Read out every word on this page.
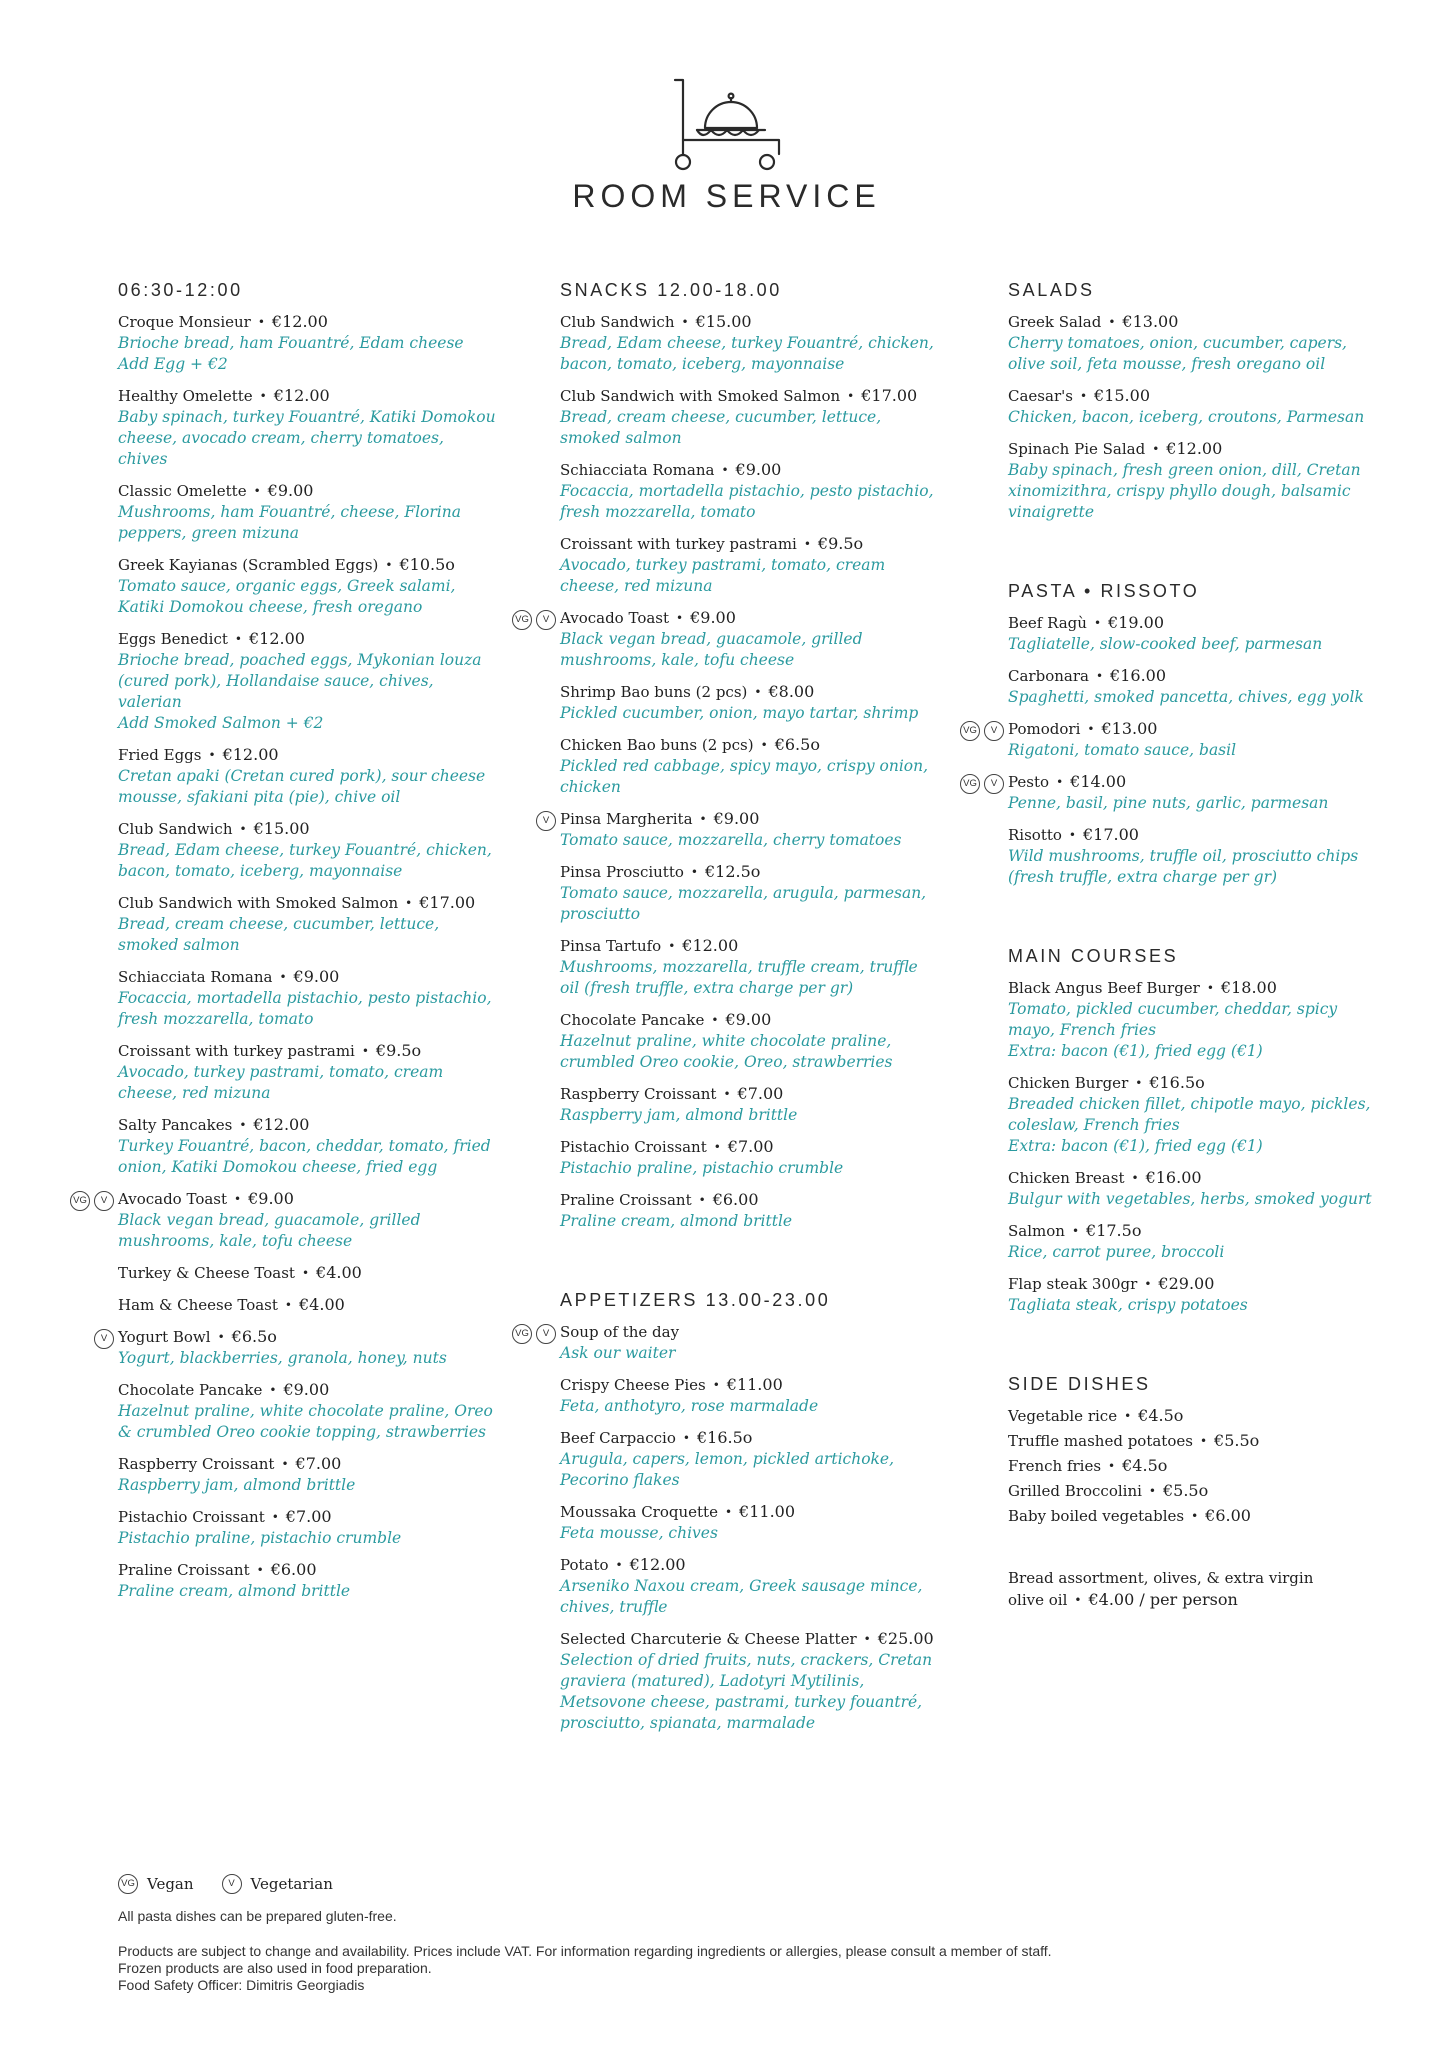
ROOM SERVICE
06:30-12:00
Croque Monsieur • €12.00
Brioche bread, ham Fouantré, Edam cheese
Add Egg + €2
Healthy Omelette • €12.00
Baby spinach, turkey Fouantré, Katiki Domokou cheese, avocado cream, cherry tomatoes, chives
Classic Omelette • €9.00
Mushrooms, ham Fouantré, cheese, Florina peppers, green mizuna
Greek Kayianas (Scrambled Eggs) • €10.5o
Tomato sauce, organic eggs, Greek salami, Katiki Domokou cheese, fresh oregano
Eggs Benedict • €12.00
Brioche bread, poached eggs, Mykonian louza (cured pork), Hollandaise sauce, chives, valerian
Add Smoked Salmon + €2
Fried Eggs • €12.00
Cretan apaki (Cretan cured pork), sour cheese mousse, sfakiani pita (pie), chive oil
Club Sandwich • €15.00
Bread, Edam cheese, turkey Fouantré, chicken, bacon, tomato, iceberg, mayonnaise
Club Sandwich with Smoked Salmon • €17.00
Bread, cream cheese, cucumber, lettuce, smoked salmon
Schiacciata Romana • €9.00
Focaccia, mortadella pistachio, pesto pistachio, fresh mozzarella, tomato
Croissant with turkey pastrami • €9.5o
Avocado, turkey pastrami, tomato, cream cheese, red mizuna
Salty Pancakes • €12.00
Turkey Fouantré, bacon, cheddar, tomato, fried onion, Katiki Domokou cheese, fried egg
VG V Avocado Toast • €9.00
Black vegan bread, guacamole, grilled mushrooms, kale, tofu cheese
Turkey & Cheese Toast • €4.00
Ham & Cheese Toast • €4.00
V Yogurt Bowl • €6.5o
Yogurt, blackberries, granola, honey, nuts
Chocolate Pancake • €9.00
Hazelnut praline, white chocolate praline, Oreo & crumbled Oreo cookie topping, strawberries
Raspberry Croissant • €7.00
Raspberry jam, almond brittle
Pistachio Croissant • €7.00
Pistachio praline, pistachio crumble
Praline Croissant • €6.00
Praline cream, almond brittle
SNACKS 12.00-18.00
Club Sandwich • €15.00
Bread, Edam cheese, turkey Fouantré, chicken, bacon, tomato, iceberg, mayonnaise
Club Sandwich with Smoked Salmon • €17.00
Bread, cream cheese, cucumber, lettuce, smoked salmon
Schiacciata Romana • €9.00
Focaccia, mortadella pistachio, pesto pistachio, fresh mozzarella, tomato
Croissant with turkey pastrami • €9.5o
Avocado, turkey pastrami, tomato, cream cheese, red mizuna
VG V Avocado Toast • €9.00
Black vegan bread, guacamole, grilled mushrooms, kale, tofu cheese
Shrimp Bao buns (2 pcs) • €8.00
Pickled cucumber, onion, mayo tartar, shrimp
Chicken Bao buns (2 pcs) • €6.5o
Pickled red cabbage, spicy mayo, crispy onion, chicken
V Pinsa Margherita • €9.00
Tomato sauce, mozzarella, cherry tomatoes
Pinsa Prosciutto • €12.5o
Tomato sauce, mozzarella, arugula, parmesan, prosciutto
Pinsa Tartufo • €12.00
Mushrooms, mozzarella, truffle cream, truffle oil (fresh truffle, extra charge per gr)
Chocolate Pancake • €9.00
Hazelnut praline, white chocolate praline, crumbled Oreo cookie, Oreo, strawberries
Raspberry Croissant • €7.00
Raspberry jam, almond brittle
Pistachio Croissant • €7.00
Pistachio praline, pistachio crumble
Praline Croissant • €6.00
Praline cream, almond brittle
APPETIZERS 13.00-23.00
VG V Soup of the day
Ask our waiter
Crispy Cheese Pies • €11.00
Feta, anthotyro, rose marmalade
Beef Carpaccio • €16.5o
Arugula, capers, lemon, pickled artichoke, Pecorino flakes
Moussaka Croquette • €11.00
Feta mousse, chives
Potato • €12.00
Arseniko Naxou cream, Greek sausage mince, chives, truffle
Selected Charcuterie & Cheese Platter • €25.00
Selection of dried fruits, nuts, crackers, Cretan graviera (matured), Ladotyri Mytilinis, Metsovone cheese, pastrami, turkey fouantré, prosciutto, spianata, marmalade
SALADS
Greek Salad • €13.00
Cherry tomatoes, onion, cucumber, capers, olive soil, feta mousse, fresh oregano oil
Caesar's • €15.00
Chicken, bacon, iceberg, croutons, Parmesan
Spinach Pie Salad • €12.00
Baby spinach, fresh green onion, dill, Cretan xinomizithra, crispy phyllo dough, balsamic vinaigrette
PASTA • RISSOTO
Beef Ragù • €19.00
Tagliatelle, slow-cooked beef, parmesan
Carbonara • €16.00
Spaghetti, smoked pancetta, chives, egg yolk
VG V Pomodori • €13.00
Rigatoni, tomato sauce, basil
VG V Pesto • €14.00
Penne, basil, pine nuts, garlic, parmesan
Risotto • €17.00
Wild mushrooms, truffle oil, prosciutto chips (fresh truffle, extra charge per gr)
MAIN COURSES
Black Angus Beef Burger • €18.00
Tomato, pickled cucumber, cheddar, spicy mayo, French fries
Extra: bacon (€1), fried egg (€1)
Chicken Burger • €16.5o
Breaded chicken fillet, chipotle mayo, pickles, coleslaw, French fries
Extra: bacon (€1), fried egg (€1)
Chicken Breast • €16.00
Bulgur with vegetables, herbs, smoked yogurt
Salmon • €17.5o
Rice, carrot puree, broccoli
Flap steak 300gr • €29.00
Tagliata steak, crispy potatoes
SIDE DISHES
Vegetable rice • €4.5o
Truffle mashed potatoes • €5.5o
French fries • €4.5o
Grilled Broccolini • €5.5o
Baby boiled vegetables • €6.00
Bread assortment, olives, & extra virgin olive oil • €4.00 / per person
VG Vegan	V	Vegetarian

All pasta dishes can be prepared gluten-free.

Products are subject to change and availability. Prices include VAT. For information regarding ingredients or allergies, please consult a member of staff.

Frozen products are also used in food preparation.

Food Safety Officer: Dimitris Georgiadis
